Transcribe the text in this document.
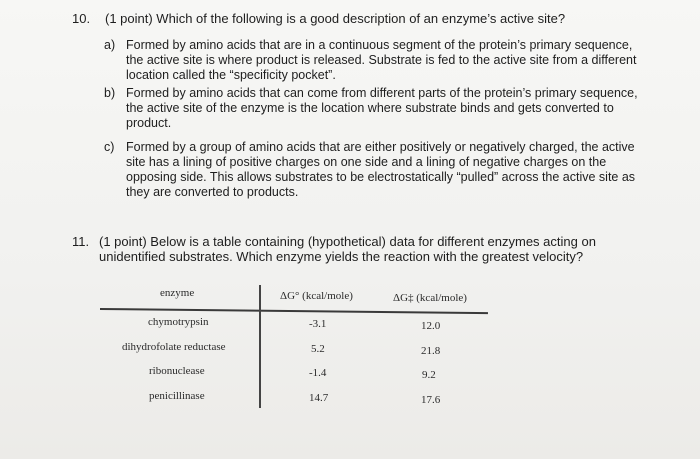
10. (1 point) Which of the following is a good description of an enzyme’s active site?
a) Formed by amino acids that are in a continuous segment of the protein’s primary sequence,
the active site is where product is released. Substrate is fed to the active site from a different
location called the “specificity pocket”.
b) Formed by amino acids that can come from different parts of the protein’s primary sequence,
the active site of the enzyme is the location where substrate binds and gets converted to
product.
c) Formed by a group of amino acids that are either positively or negatively charged, the active
site has a lining of positive charges on one side and a lining of negative charges on the
opposing side. This allows substrates to be electrostatically “pulled” across the active site as
they are converted to products.
11. (1 point) Below is a table containing (hypothetical) data for different enzymes acting on
unidentified substrates. Which enzyme yields the reaction with the greatest velocity?
enzyme	ΔG° (kcal/mole)	ΔG‡ (kcal/mole)
chymotrypsin	-3.1	12.0
dihydrofolate reductase	5.2	21.8
ribonuclease	-1.4	9.2
penicillinase	14.7	17.6
